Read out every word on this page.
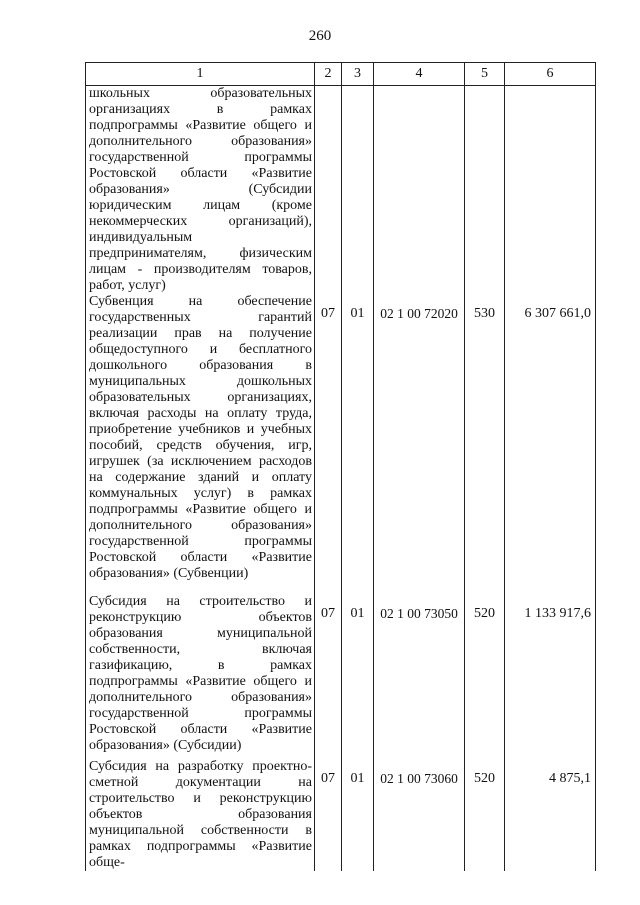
260
1	2	3	4	5	6
школьных образовательных организациях в рамках подпрограммы «Развитие общего и дополнительного образования» государственной программы Ростовской области «Развитие образования» (Субсидии юридическим лицам (кроме некоммерческих организаций), индивидуальным предпринимателям, физическим лицам - производителям товаров, работ, услуг)					
Субвенция на обеспечение государственных гарантий реализации прав на получение общедоступного и бесплатного дошкольного образования в муниципальных дошкольных образовательных организациях, включая расходы на оплату труда, приобретение учебников и учебных пособий, средств обучения, игр, игрушек (за исключением расходов на содержание зданий и оплату коммунальных услуг) в рамках подпрограммы «Развитие общего и дополнительного образования» государственной программы Ростовской области «Развитие образования» (Субвенции)	07	01	02 1 00 72020	530	6 307 661,0
Субсидия на строительство и реконструкцию объектов образования муниципальной собственности, включая газификацию, в рамках подпрограммы «Развитие общего и дополнительного образования» государственной программы Ростовской области «Развитие образования» (Субсидии)	07	01	02 1 00 73050	520	1 133 917,6
Субсидия на разработку проектно-сметной документации на строительство и реконструкцию объектов образования муниципальной собственности в рамках подпрограммы «Развитие обще-	07	01	02 1 00 73060	520	4 875,1
